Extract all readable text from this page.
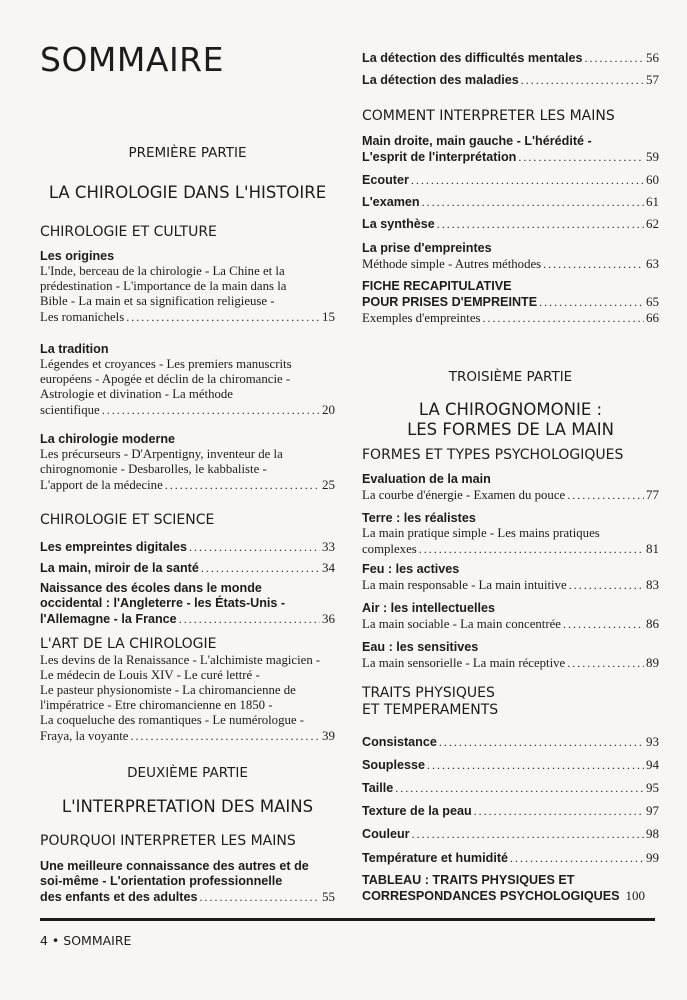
SOMMAIRE
PREMIÈRE PARTIE
LA CHIROLOGIE DANS L'HISTOIRE
CHIROLOGIE ET CULTURE
Les origines
L'Inde, berceau de la chirologie - La Chine et la
prédestination - L'importance de la main dans la
Bible - La main et sa signification religieuse -
Les romanichels .....	15
La tradition
Légendes et croyances - Les premiers manuscrits
européens - Apogée et déclin de la chiromancie -
Astrologie et divination - La méthode
scientifique .....	20
La chirologie moderne
Les précurseurs - D'Arpentigny, inventeur de la
chirognomonie - Desbarolles, le kabbaliste -
L'apport de la médecine .....	25
CHIROLOGIE ET SCIENCE
Les empreintes digitales .....	33
La main, miroir de la santé .....	34
Naissance des écoles dans le monde
occidental : l'Angleterre - les États-Unis -
l'Allemagne - la France .....	36
L'ART DE LA CHIROLOGIE
Les devins de la Renaissance - L'alchimiste magicien -
Le médecin de Louis XIV - Le curé lettré -
Le pasteur physionomiste - La chiromancienne de
l'impératrice - Etre chiromancienne en 1850 -
La coqueluche des romantiques - Le numérologue -
Fraya, la voyante .....	39
DEUXIÈME PARTIE
L'INTERPRETATION DES MAINS
POURQUOI INTERPRETER LES MAINS
Une meilleure connaissance des autres et de
soi-même - L'orientation professionnelle
des enfants et des adultes .....	55
La détection des difficultés mentales .....	56
La détection des maladies .....	57
COMMENT INTERPRETER LES MAINS
Main droite, main gauche - L'hérédité -
L'esprit de l'interprétation .....	59
Ecouter .....	60
L'examen .....	61
La synthèse .....	62
La prise d'empreintes
Méthode simple - Autres méthodes .....	63
FICHE RECAPITULATIVE
POUR PRISES D'EMPREINTE .....	65
Exemples d'empreintes .....	66
TROISIÈME PARTIE
LA CHIROGNOMONIE :
LES FORMES DE LA MAIN
FORMES ET TYPES PSYCHOLOGIQUES
Evaluation de la main
La courbe d'énergie - Examen du pouce .....	77
Terre : les réalistes
La main pratique simple - Les mains pratiques
complexes .....	81
Feu : les actives
La main responsable - La main intuitive .....	83
Air : les intellectuelles
La main sociable - La main concentrée .....	86
Eau : les sensitives
La main sensorielle - La main réceptive .....	89
TRAITS PHYSIQUES
ET TEMPERAMENTS
Consistance .....	93
Souplesse .....	94
Taille .....	95
Texture de la peau .....	97
Couleur .....	98
Température et humidité .....	99
TABLEAU : TRAITS PHYSIQUES ET
CORRESPONDANCES PSYCHOLOGIQUES 100
4 • SOMMAIRE
